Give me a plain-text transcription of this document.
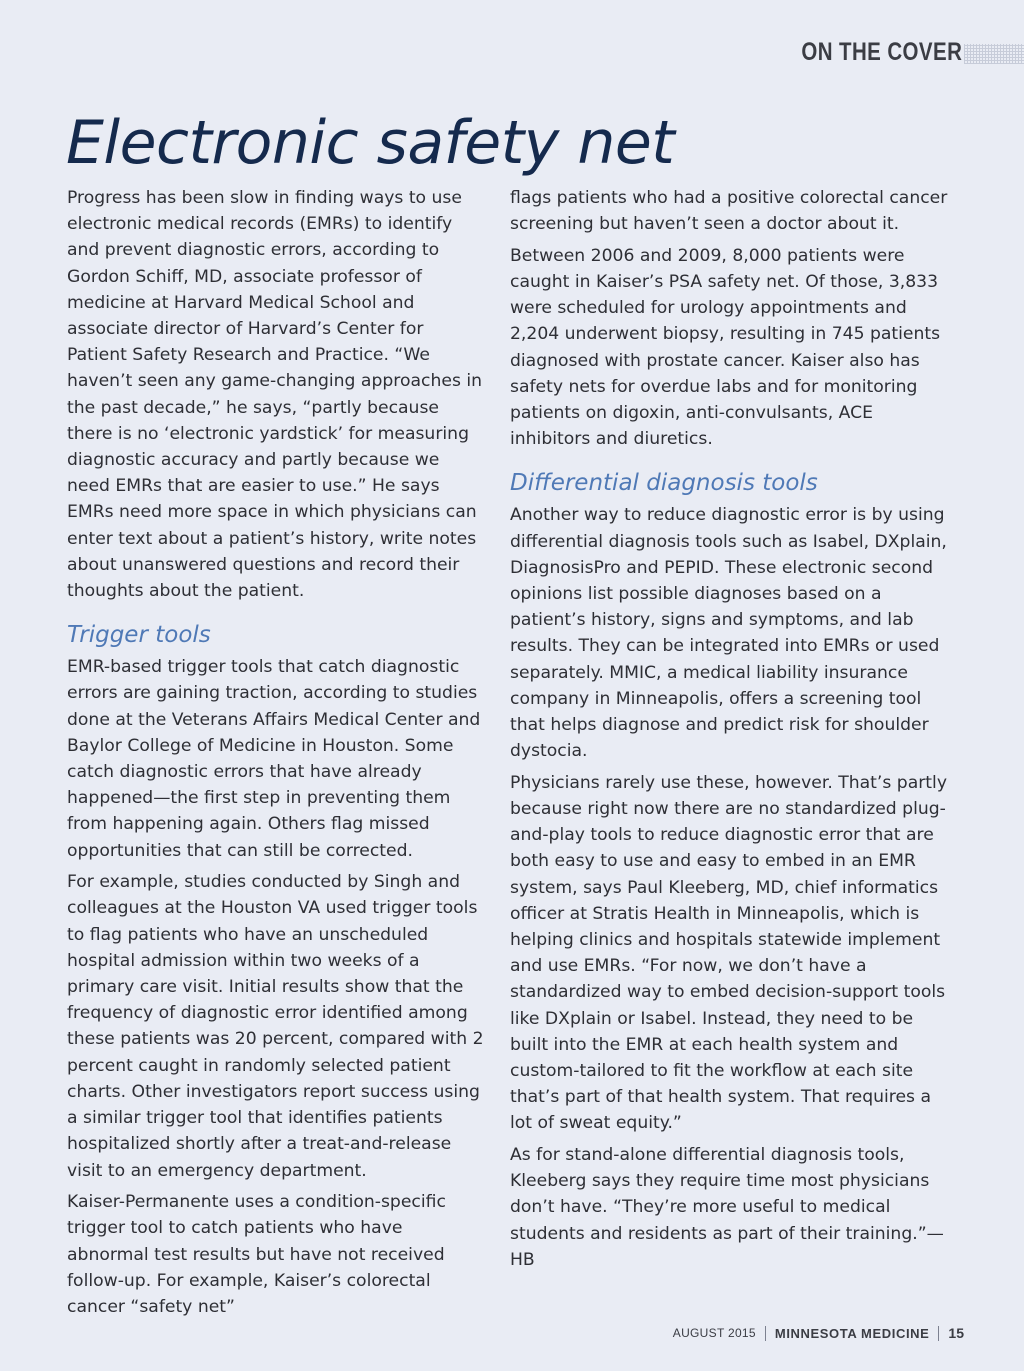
ON THE COVER
Electronic safety net

Progress has been slow in finding ways to use electronic medical records (EMRs) to identify and prevent diagnostic errors, according to Gordon Schiff, MD, associate professor of medicine at Harvard Medical School and associate director of Harvard’s Center for Patient Safety Research and Practice. “We haven’t seen any game-changing approaches in the past decade,” he says, “partly because there is no ‘electronic yardstick’ for measuring diagnostic accuracy and partly because we need EMRs that are easier to use.” He says EMRs need more space in which physicians can enter text about a patient’s history, write notes about unanswered questions and record their thoughts about the patient.

Trigger tools

EMR-based trigger tools that catch diagnostic errors are gaining traction, according to studies done at the Veterans Affairs Medical Center and Baylor College of Medicine in Houston. Some catch diagnostic errors that have already happened—the first step in preventing them from happening again. Others flag missed opportunities that can still be corrected.

For example, studies conducted by Singh and colleagues at the Houston VA used trigger tools to flag patients who have an unscheduled hospital admission within two weeks of a primary care visit. Initial results show that the frequency of diagnostic error identified among these patients was 20 percent, compared with 2 percent caught in randomly selected patient charts. Other investigators report success using a similar trigger tool that identifies patients hospitalized shortly after a treat-and-release visit to an emergency department.

Kaiser-Permanente uses a condition-specific trigger tool to catch patients who have abnormal test results but have not received follow-up. For example, Kaiser’s colorectal cancer “safety net”

flags patients who had a positive colorectal cancer screening but haven’t seen a doctor about it.

Between 2006 and 2009, 8,000 patients were caught in Kaiser’s PSA safety net. Of those, 3,833 were scheduled for urology appointments and 2,204 underwent biopsy, resulting in 745 patients diagnosed with prostate cancer. Kaiser also has safety nets for overdue labs and for monitoring patients on digoxin, anti-convulsants, ACE inhibitors and diuretics.

Differential diagnosis tools

Another way to reduce diagnostic error is by using differential diagnosis tools such as Isabel, DXplain, DiagnosisPro and PEPID. These electronic second opinions list possible diagnoses based on a patient’s history, signs and symptoms, and lab results. They can be integrated into EMRs or used separately. MMIC, a medical liability insurance company in Minneapolis, offers a screening tool that helps diagnose and predict risk for shoulder dystocia.

Physicians rarely use these, however. That’s partly because right now there are no standardized plug-and-play tools to reduce diagnostic error that are both easy to use and easy to embed in an EMR system, says Paul Kleeberg, MD, chief informatics officer at Stratis Health in Minneapolis, which is helping clinics and hospitals statewide implement and use EMRs. “For now, we don’t have a standardized way to embed decision-support tools like DXplain or Isabel. Instead, they need to be built into the EMR at each health system and custom-tailored to fit the workflow at each site that’s part of that health system. That requires a lot of sweat equity.”

As for stand-alone differential diagnosis tools, Kleeberg says they require time most physicians don’t have. “They’re more useful to medical students and residents as part of their training.”—HB

AUGUST 2015 MINNESOTA MEDICINE 15
